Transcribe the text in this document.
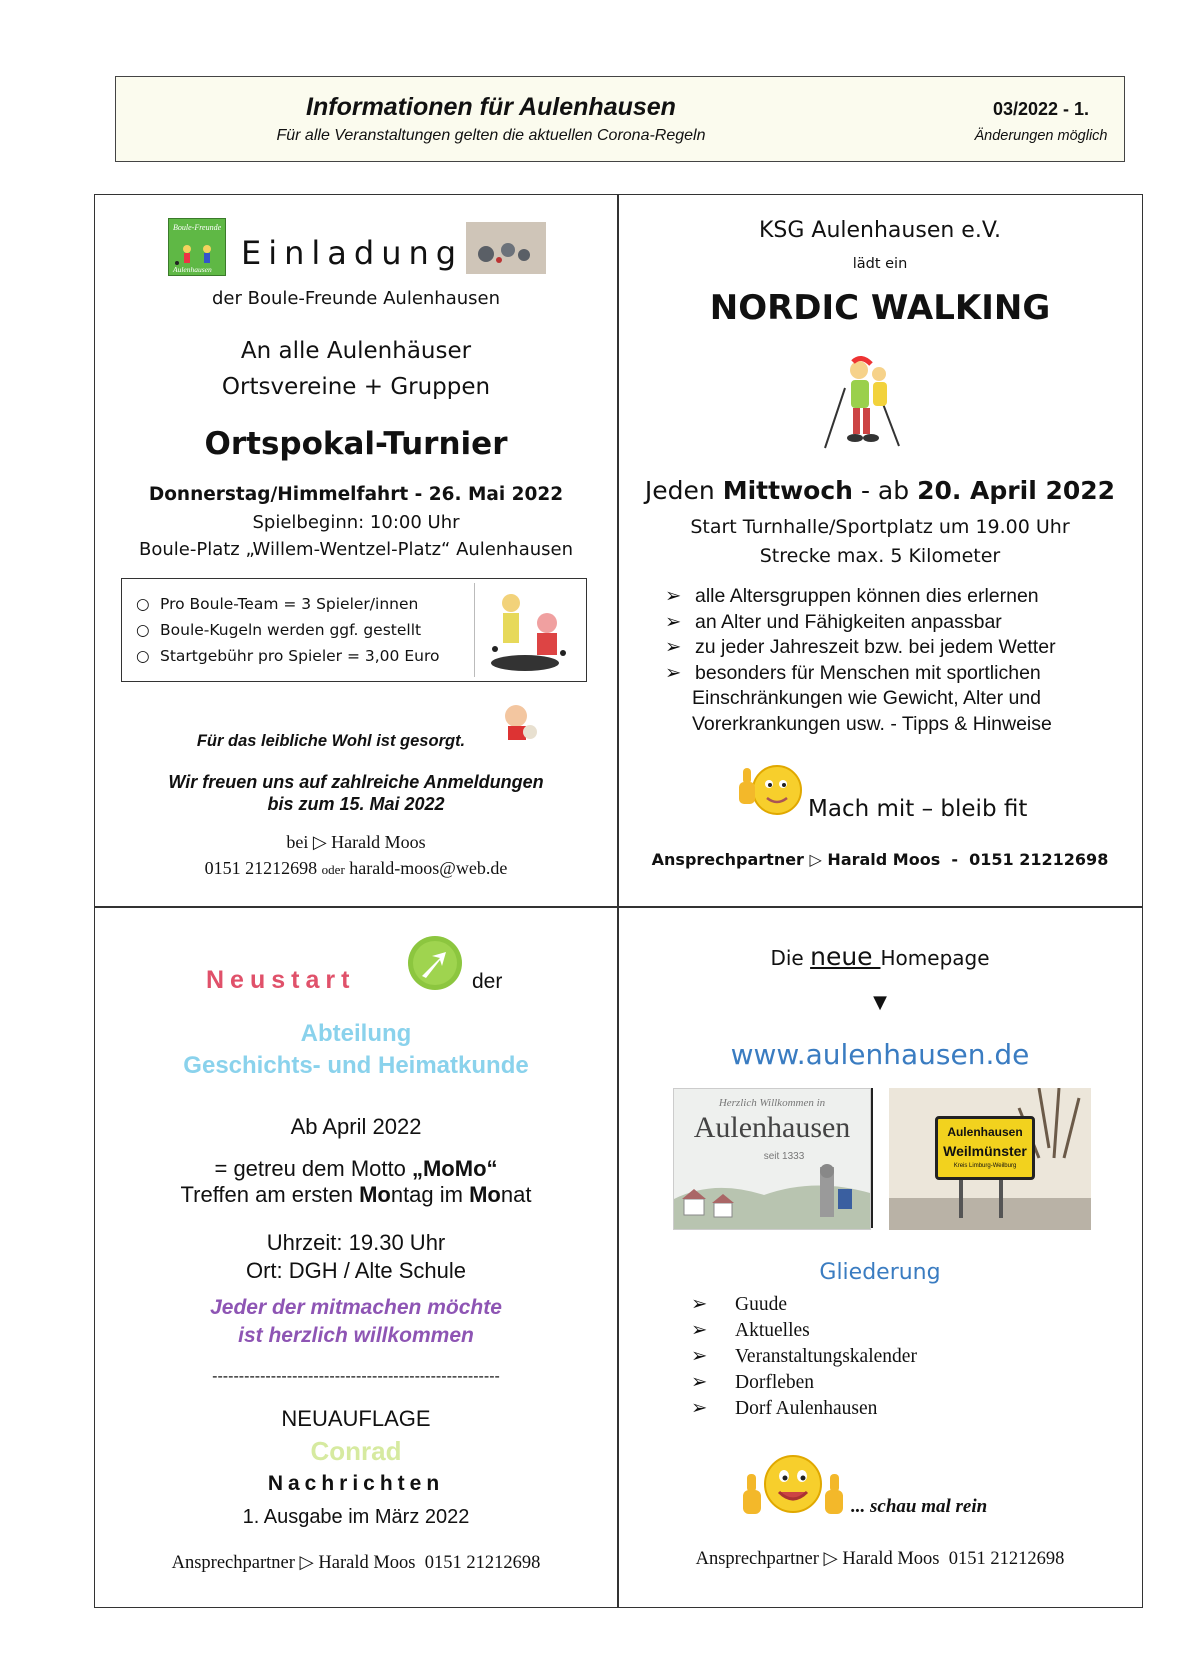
Informationen für Aulenhausen
Für alle Veranstaltungen gelten die aktuellen Corona-Regeln
03/2022 - 1.
Änderungen möglich
Boule-Freunde
Aulenhausen Einladung
der Boule-Freunde Aulenhausen
An alle Aulenhäuser
Ortsvereine + Gruppen
Ortspokal-Turnier
Donnerstag/Himmelfahrt - 26. Mai 2022
Spielbeginn: 10:00 Uhr
Boule-Platz „Willem-Wentzel-Platz“ Aulenhausen
○ Pro Boule-Team = 3 Spieler/innen
○ Boule-Kugeln werden ggf. gestellt
○ Startgebühr pro Spieler = 3,00 Euro
Für das leibliche Wohl ist gesorgt.
Wir freuen uns auf zahlreiche Anmeldungen
bis zum 15. Mai 2022
bei ▷ Harald Moos
0151 21212698 oder harald-moos@web.de
KSG Aulenhausen e.V.
lädt ein
NORDIC WALKING
Jeden Mittwoch - ab 20. April 2022
Start Turnhalle/Sportplatz um 19.00 Uhr
Strecke max. 5 Kilometer
➢ alle Altersgruppen können dies erlernen
➢ an Alter und Fähigkeiten anpassbar
➢ zu jeder Jahreszeit bzw. bei jedem Wetter
➢ besonders für Menschen mit sportlichen
Einschränkungen wie Gewicht, Alter und
Vorerkrankungen usw. - Tipps & Hinweise
Mach mit – bleib fit
Ansprechpartner ▷ Harald Moos  -  0151 21212698
Neustart	der
Abteilung
Geschichts- und Heimatkunde
Ab April 2022
= getreu dem Motto „MoMo“
Treffen am ersten Montag im Monat
Uhrzeit: 19.30 Uhr
Ort: DGH / Alte Schule
Jeder der mitmachen möchte
ist herzlich willkommen
------------------------------------------------------
NEUAUFLAGE
Conrad
Nachrichten
1. Ausgabe im März 2022
Ansprechpartner ▷ Harald Moos  0151 21212698
Die neue Homepage
▼
www.aulenhausen.de
Herzlich Willkommen in
Aulenhausen
seit 1333
Aulenhausen
Weilmünster
Kreis Limburg-Weilburg
Gliederung
➢ Guude
➢ Aktuelles
➢ Veranstaltungskalender
➢ Dorfleben
➢ Dorf Aulenhausen
... schau mal rein
Ansprechpartner ▷ Harald Moos  0151 21212698
